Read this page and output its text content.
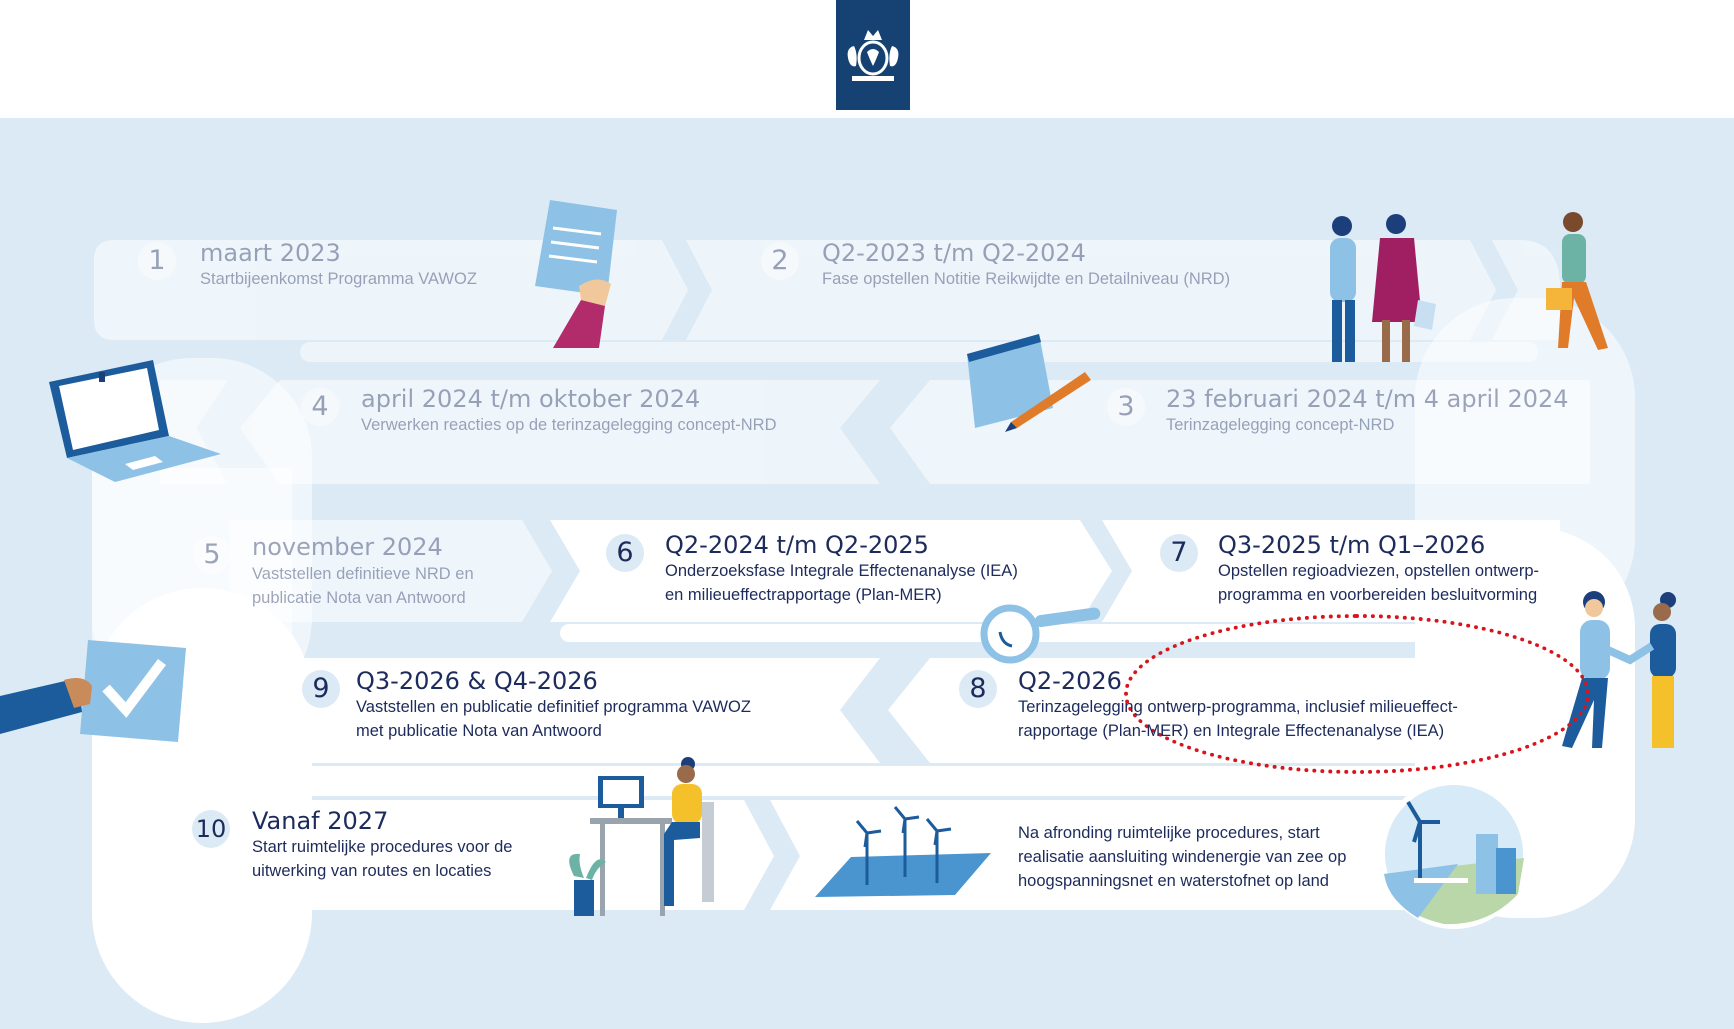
1	maart 2023
Startbijeenkomst Programma VAWOZ
2	Q2-2023 t/m Q2-2024
Fase opstellen Notitie Reikwijdte en Detailniveau (NRD)
3	23 februari 2024 t/m 4 april 2024
Terinzagelegging concept-NRD
4	april 2024 t/m oktober 2024
Verwerken reacties op de terinzagelegging concept-NRD
5	november 2024
Vaststellen definitieve NRD en
publicatie Nota van Antwoord
6	Q2-2024 t/m Q2-2025
Onderzoeksfase Integrale Effectenanalyse (IEA)
en milieueffectrapportage (Plan-MER)
7	Q3-2025 t/m Q1–2026
Opstellen regioadviezen, opstellen ontwerp-
programma en voorbereiden besluitvorming
8	Q2-2026
Terinzagelegging ontwerp-programma, inclusief milieueffect-
rapportage (Plan-MER) en Integrale Effectenanalyse (IEA)
9	Q3-2026 & Q4-2026
Vaststellen en publicatie definitief programma VAWOZ
met publicatie Nota van Antwoord
10 Vanaf 2027
Start ruimtelijke procedures voor de
uitwerking van routes en locaties
Na afronding ruimtelijke procedures, start
realisatie aansluiting windenergie van zee op
hoogspanningsnet en waterstofnet op land
